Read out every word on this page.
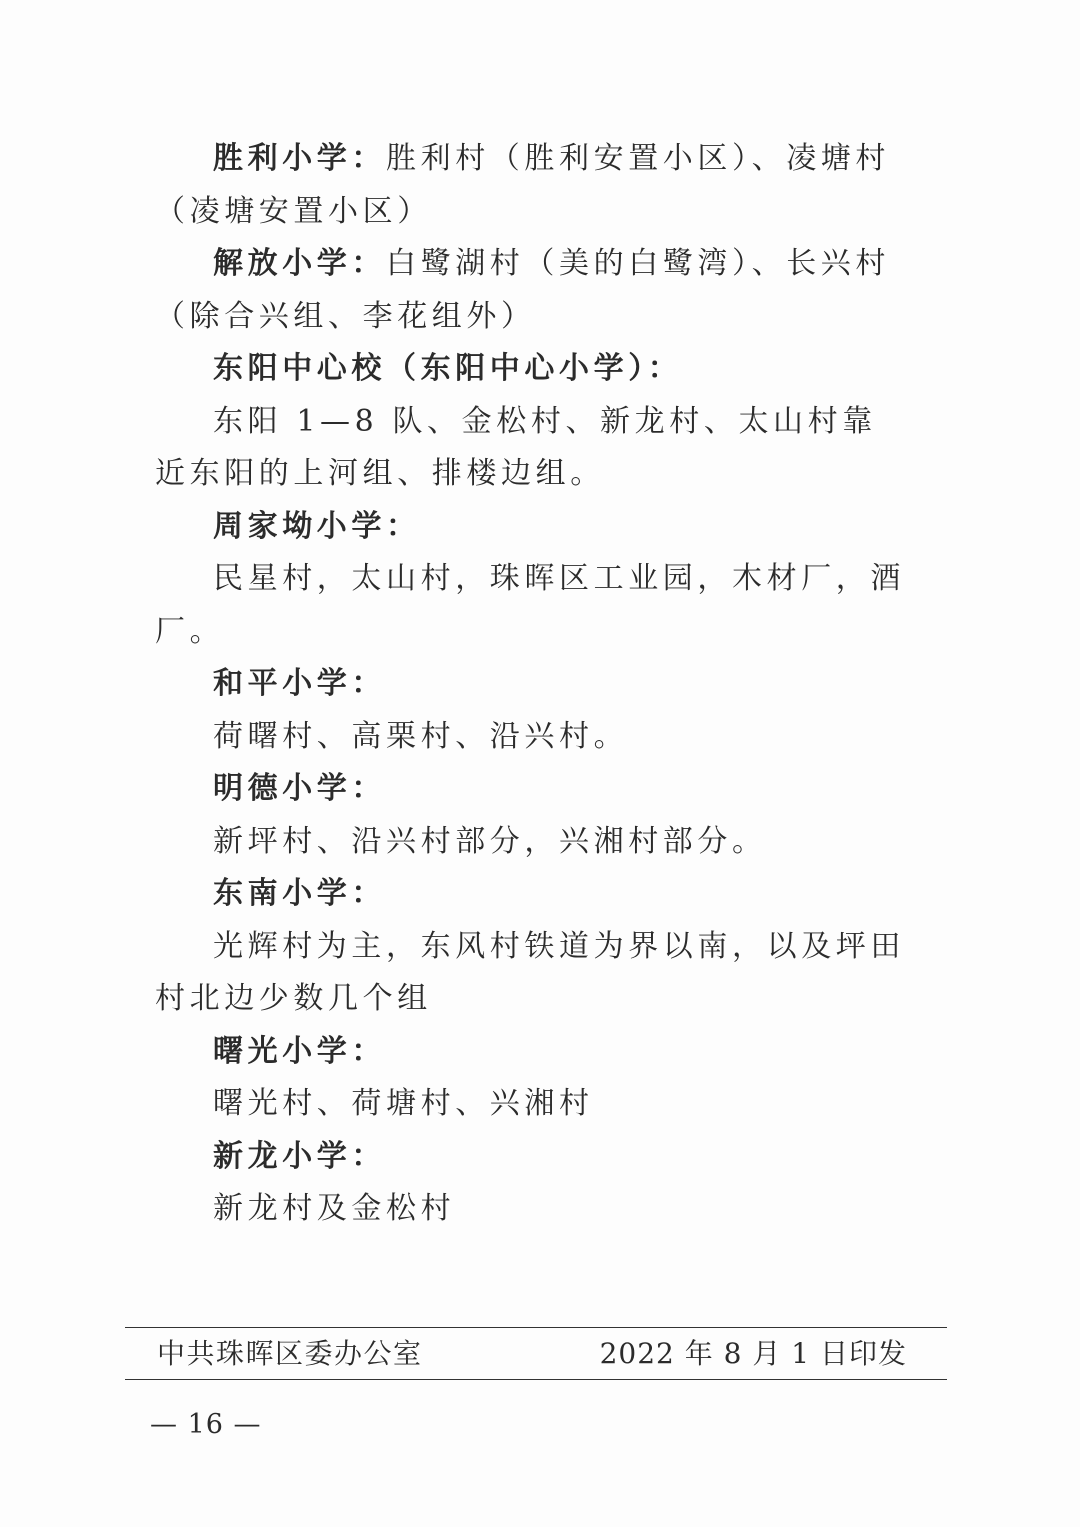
胜利小学：胜利村（胜利安置小区）、凌塘村（凌塘安置小区）

解放小学：白鹭湖村（美的白鹭湾）、长兴村（除合兴组、李花组外）

东阳中心校（东阳中心小学）：

东阳 1—8 队、金松村、新龙村、太山村靠近东阳的上河组、排楼边组。

周家坳小学：

民星村，太山村，珠晖区工业园，木材厂，酒厂。

和平小学：

荷曙村、高栗村、沿兴村。

明德小学：

新坪村、沿兴村部分，兴湘村部分。

东南小学：

光辉村为主，东风村铁道为界以南，以及坪田村北边少数几个组

曙光小学：

曙光村、荷塘村、兴湘村

新龙小学：

新龙村及金松村

中共珠晖区委办公室	2022 年 8 月 1 日印发
— 16 —
